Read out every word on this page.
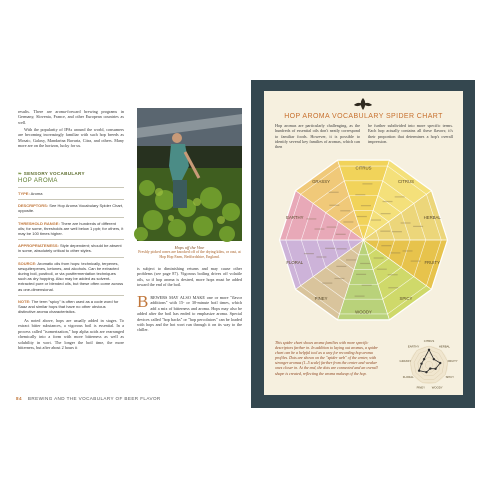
results. There are aroma-forward brewing programs in Germany, Slovenia, France, and other European countries as well.
With the popularity of IPAs around the world, consumers are becoming increasingly familiar with such hop breeds as Mosaic, Galaxy, Mandarina Bavaria, Citra, and others. Many more are on the horizon, lucky for us.
❧ SENSORY VOCABULARY
HOP AROMA
TYPE: Aroma
DESCRIPTORS: See Hop Aroma Vocabulary Spider Chart, opposite.
THRESHOLD RANGE: There are hundreds of different oils; for some, thresholds are well below 1 ppb; for others, it may be 100 times higher.
APPROPRIATENESS: Style dependent; should be absent in some, absolutely critical to other styles.
SOURCE: Aromatic oils from hops: technically, terpenes, sesquiterpenes, ketones, and alcohols. Can be extracted during boil, postboil, or via postfermentation techniques such as dry hopping. Also may be added as solvent-extracted pure or blended oils, but these often come across as one-dimensional.
NOTE: The term "spicy" is often used as a code word for Saaz and similar hops that have no other obvious distinctive aroma characteristics.
As noted above, hops are usually added in stages. To extract bitter substances, a vigorous boil is essential. In a process called "isomerization," hop alpha acids are rearranged chemically into a form with more bitterness as well as solubility in wort. The longer the boil time, the more bitterness, but after about 2 hours it
Hops off the Vine
Freshly picked cones are knocked off of the drying kilns, or oast, at Hop Hop Farm, Bedfordshire, England.
is subject to diminishing returns and may cause other problems (see page 87). Vigorous boiling drives off volatile oils, so if hop aroma is desired, more hops must be added toward the end of the boil.
BREWERS MAY ALSO MAKE one or more "flavor additions" with 15- or 30-minute boil times, which add a mix of bitterness and aroma. Hops may also be added after the boil has ended to emphasize aroma. Special devices called "hop backs" or "hop percolators" can be loaded with hops and the hot wort run through it on its way to the chiller.
84 BREWING AND THE VOCABULARY OF BEER FLAVOR
HOP AROMA VOCABULARY SPIDER CHART
Hop aromas are particularly challenging, as the hundreds of essential oils don't neatly correspond to familiar foods. However, it is possible to identify several key families of aromas, which can then
be further subdivided into more specific terms. Each hop actually contains all these flavors; it's their proportion that determines a hop's overall impression.
CITRUS
CITRUS
HERBAL
FRUITY
SPICY
WOODY
PINEY
FLORAL
EARTHY
GRASSY
This spider chart shows aroma families with more specific descriptors farther in. In addition to laying out aromas, a spider chart can be a helpful tool as a way for recording hop aroma profiles. Dots are shown on the "spider web" of the center, with stronger aromas (1–5 scale) farther from the center and weaker ones closer in. At the end, the dots are connected and an overall shape is created, reflecting the aroma makeup of the hop.
CITRUS
HERBAL
FRUITY
SPICY
WOODY
PINEY
FLORAL
GRASSY
EARTHY
